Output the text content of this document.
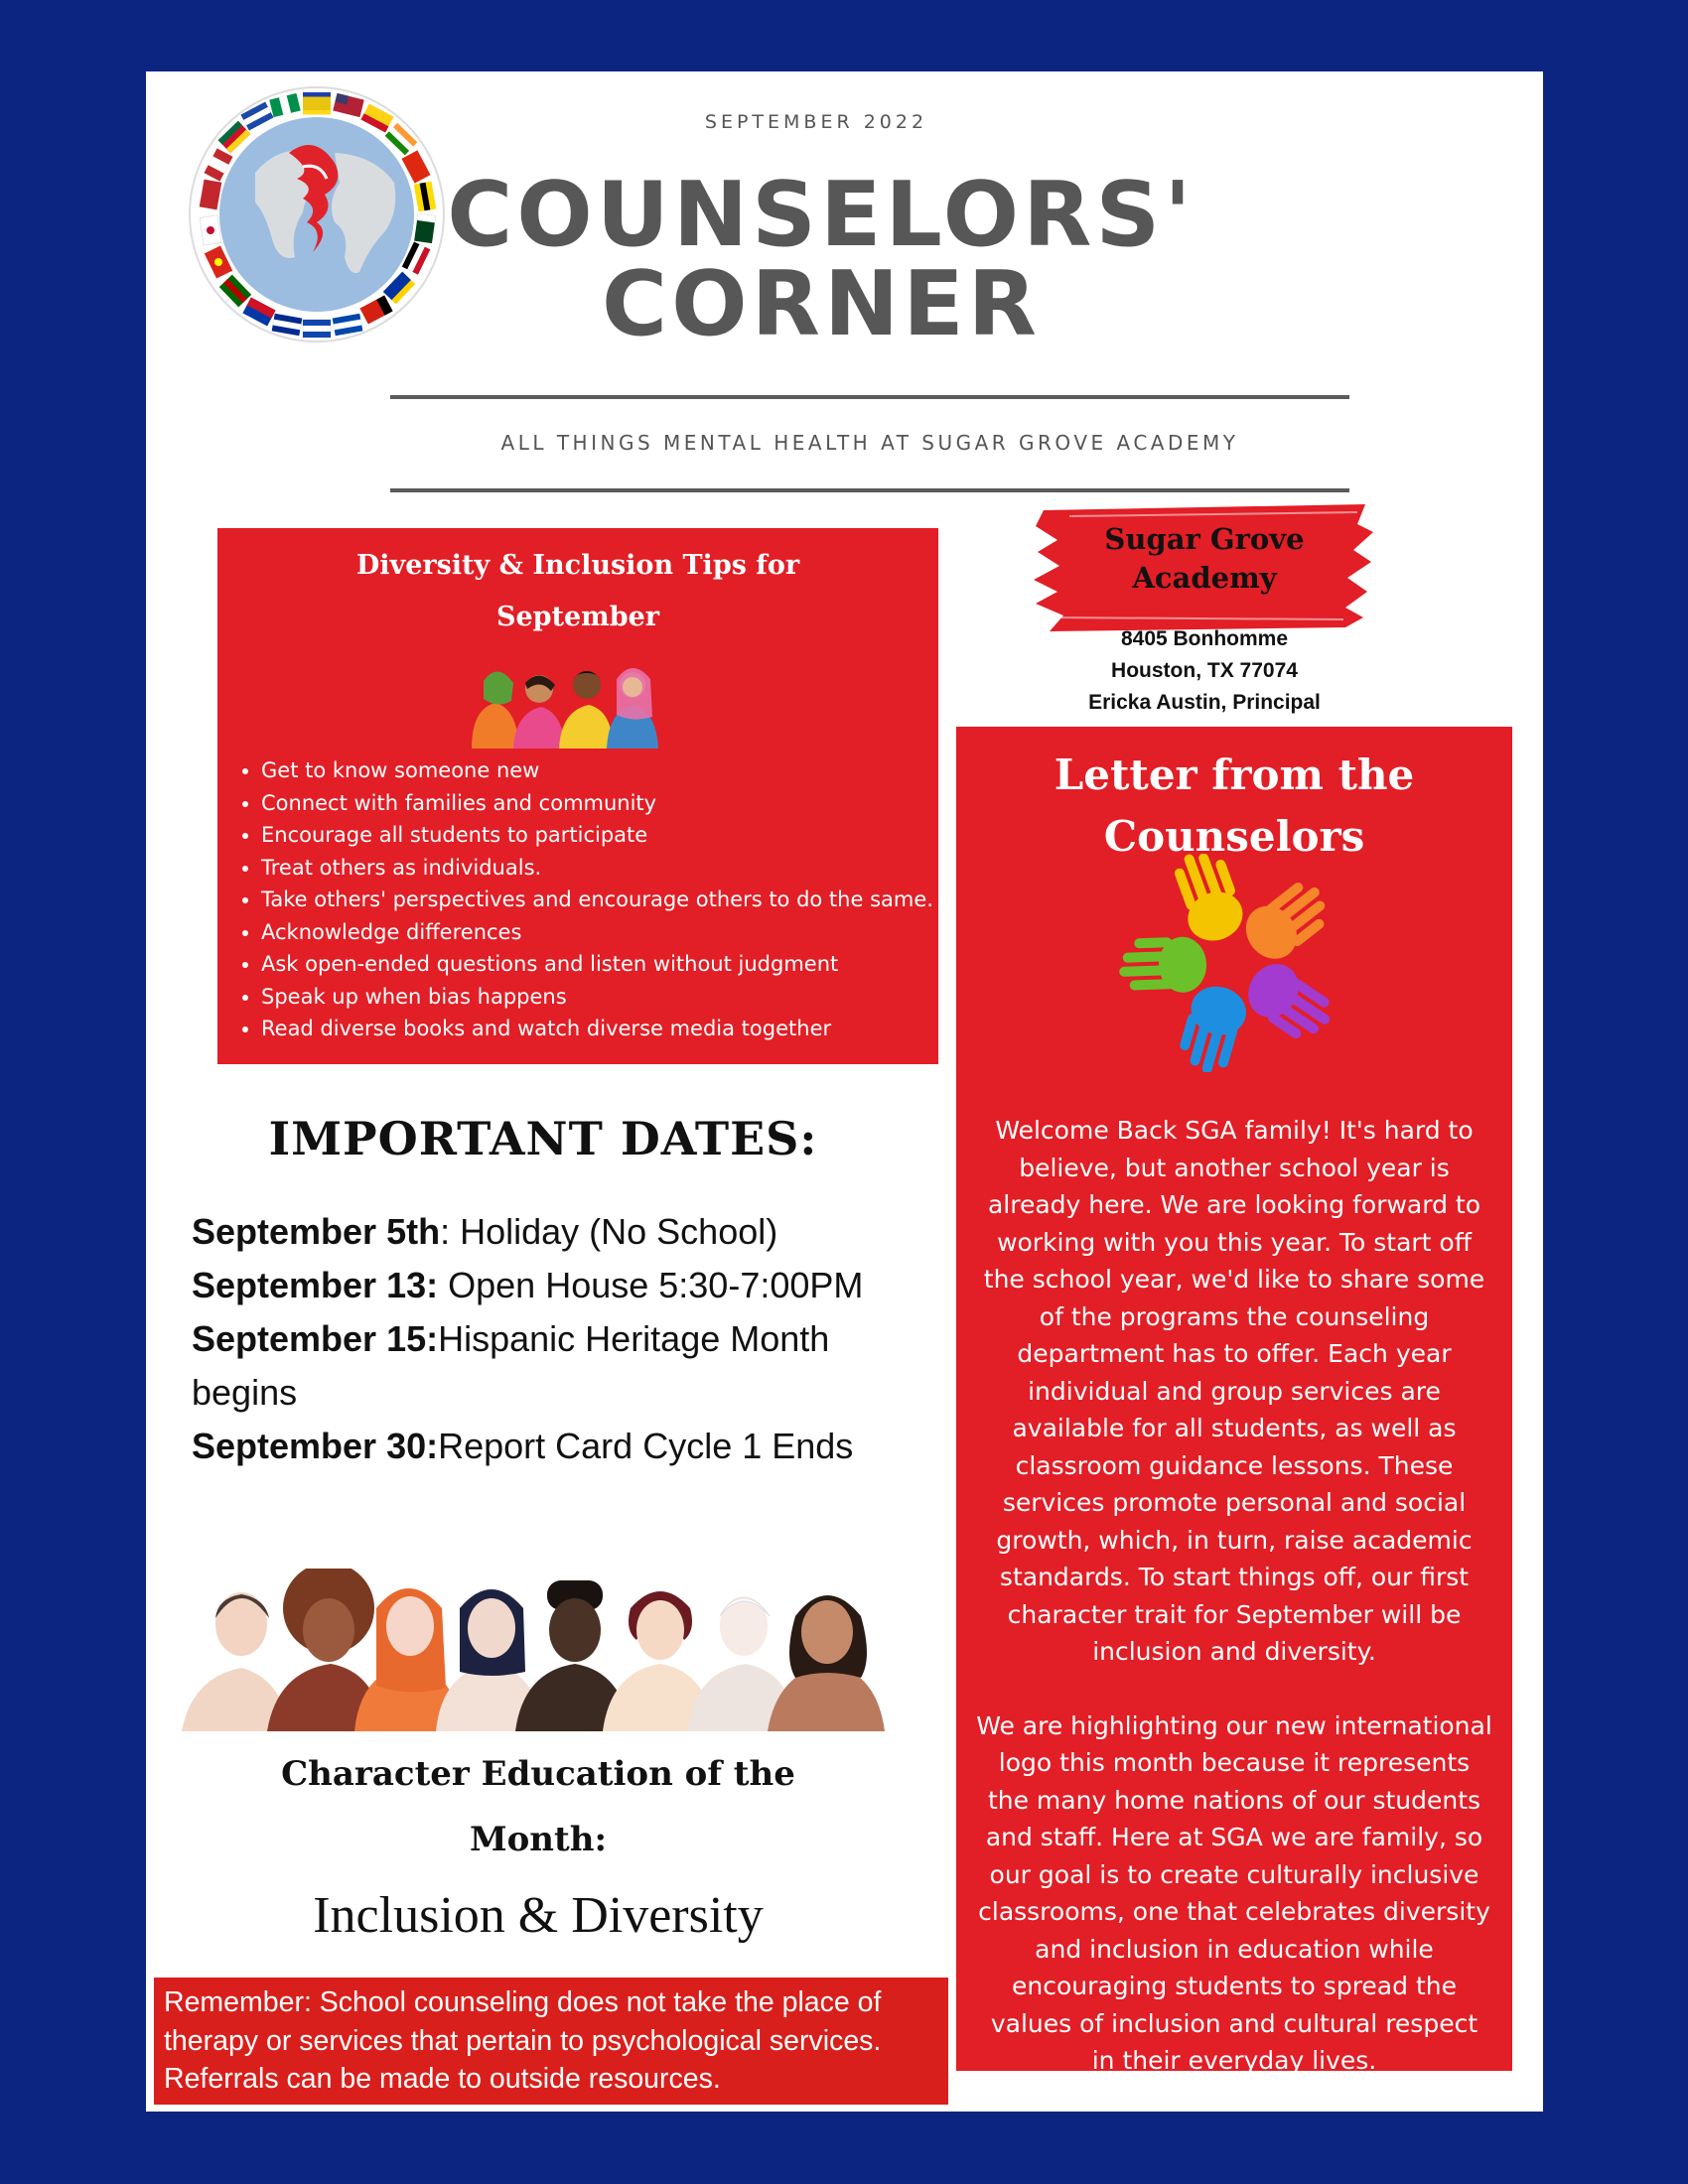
SEPTEMBER 2022
COUNSELORS'
CORNER
ALL THINGS MENTAL HEALTH AT SUGAR GROVE ACADEMY
Diversity & Inclusion Tips for
September
• Get to know someone new
• Connect with families and community
• Encourage all students to participate
• Treat others as individuals.
• Take others' perspectives and encourage others to do the same.
• Acknowledge differences
• Ask open-ended questions and listen without judgment
• Speak up when bias happens
• Read diverse books and watch diverse media together
IMPORTANT DATES:
September 5th: Holiday (No School)
September 13: Open House 5:30-7:00PM
September 15:Hispanic Heritage Month begins
September 30:Report Card Cycle 1 Ends
Character Education of the
Month:
Inclusion & Diversity
Remember: School counseling does not take the place of therapy or services that pertain to psychological services. Referrals can be made to outside resources.
Sugar Grove
Academy
8405 Bonhomme
Houston, TX 77074
Ericka Austin, Principal
Letter from the
Counselors

Welcome Back SGA family! It's hard to believe, but another school year is already here. We are looking forward to working with you this year. To start off the school year, we'd like to share some of the programs the counseling department has to offer. Each year individual and group services are available for all students, as well as classroom guidance lessons. These services promote personal and social growth, which, in turn, raise academic standards. To start things off, our first character trait for September will be inclusion and diversity.

We are highlighting our new international logo this month because it represents the many home nations of our students and staff. Here at SGA we are family, so our goal is to create culturally inclusive classrooms, one that celebrates diversity and inclusion in education while encouraging students to spread the values of inclusion and cultural respect in their everyday lives.
